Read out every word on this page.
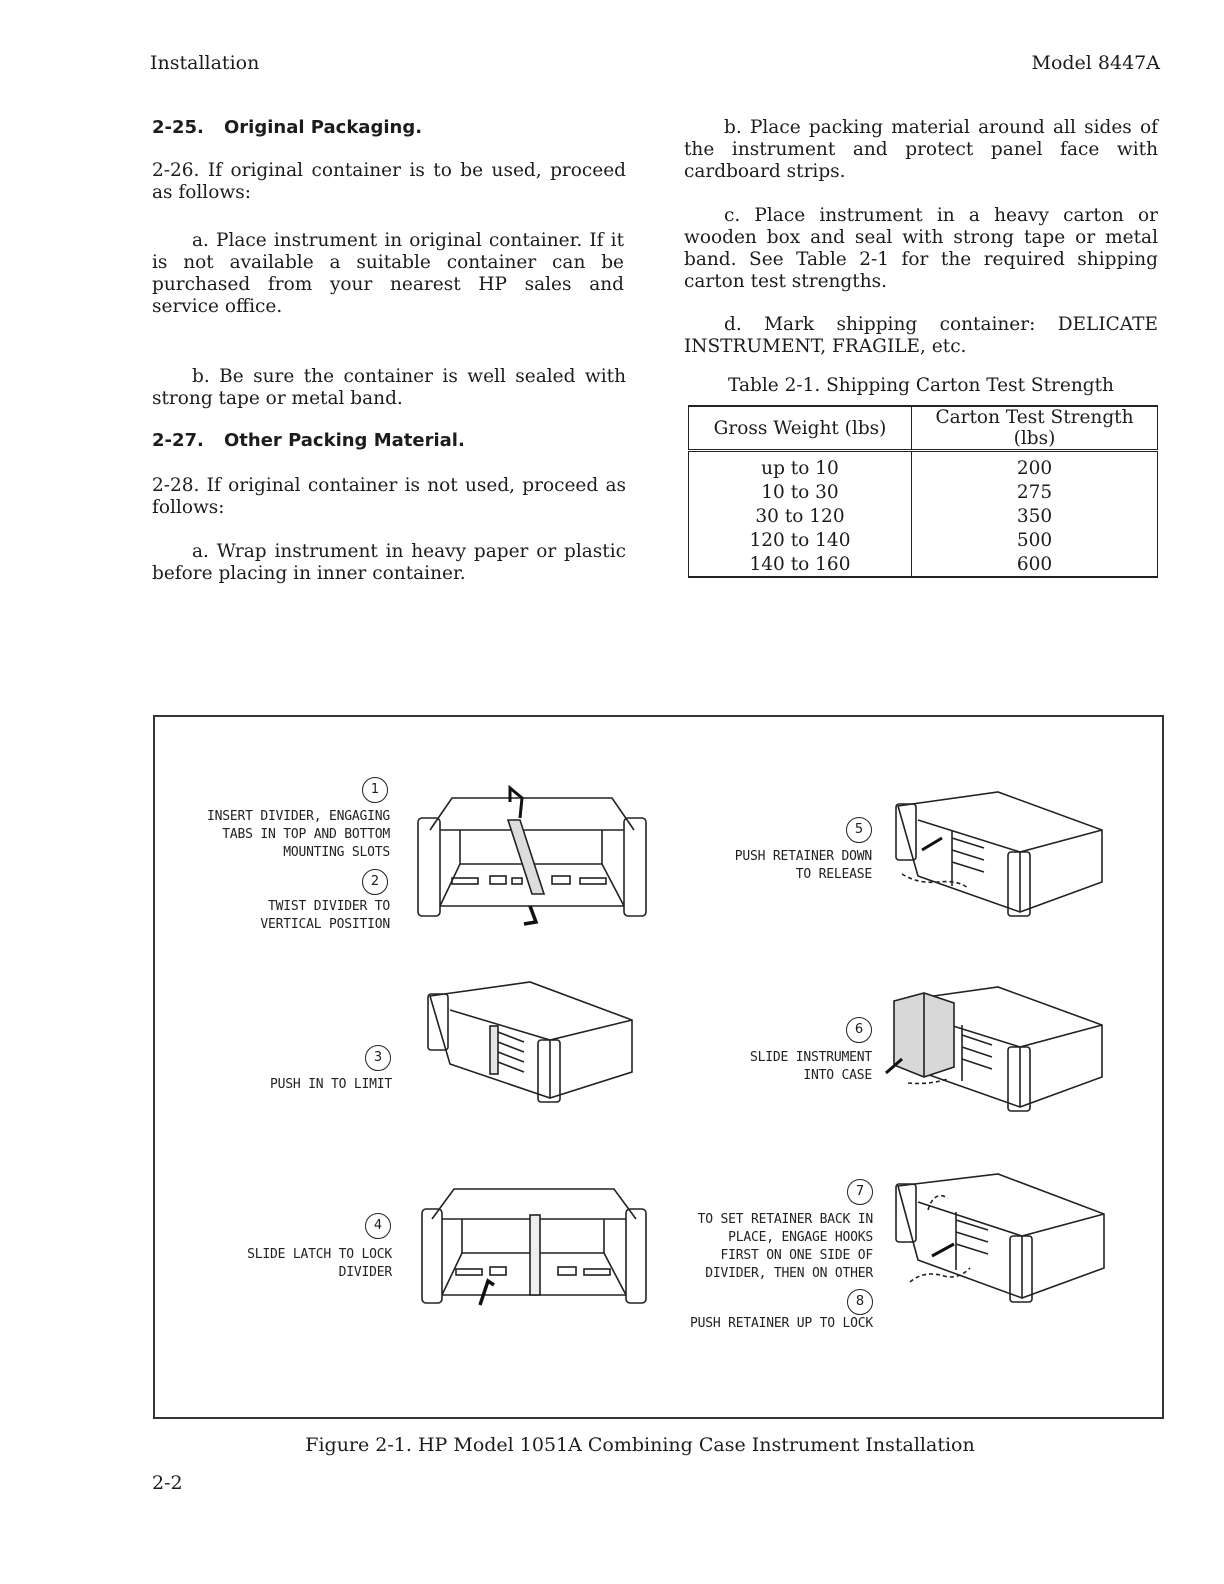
Installation	Model 8447A
2-25. Original Packaging.
2-26. If original container is to be used, proceed as follows:
a. Place instrument in original container. If it is not available a suitable container can be purchased from your nearest HP sales and service office.
b. Be sure the container is well sealed with strong tape or metal band.
2-27. Other Packing Material.
2-28. If original container is not used, proceed as follows:
a. Wrap instrument in heavy paper or plastic before placing in inner container.
b. Place packing material around all sides of the instrument and protect panel face with cardboard strips.
c. Place instrument in a heavy carton or wooden box and seal with strong tape or metal band. See Table 2-1 for the required shipping carton test strengths.
d. Mark shipping container: DELICATE INSTRUMENT, FRAGILE, etc.
Table 2-1. Shipping Carton Test Strength
Gross Weight (lbs)	Carton Test Strength (lbs)
up to 10	200
10 to 30	275
30 to 120	350
120 to 140	500
140 to 160	600
1
INSERT DIVIDER, ENGAGING
TABS IN TOP AND BOTTOM
MOUNTING SLOTS
2
TWIST DIVIDER TO
VERTICAL POSITION
3
PUSH IN TO LIMIT
4
SLIDE LATCH TO LOCK
DIVIDER
5
PUSH RETAINER DOWN
TO RELEASE
6
SLIDE INSTRUMENT
INTO CASE
7
TO SET RETAINER BACK IN
PLACE, ENGAGE HOOKS
FIRST ON ONE SIDE OF
DIVIDER, THEN ON OTHER
8
PUSH RETAINER UP TO LOCK
Figure 2-1. HP Model 1051A Combining Case Instrument Installation
2-2
